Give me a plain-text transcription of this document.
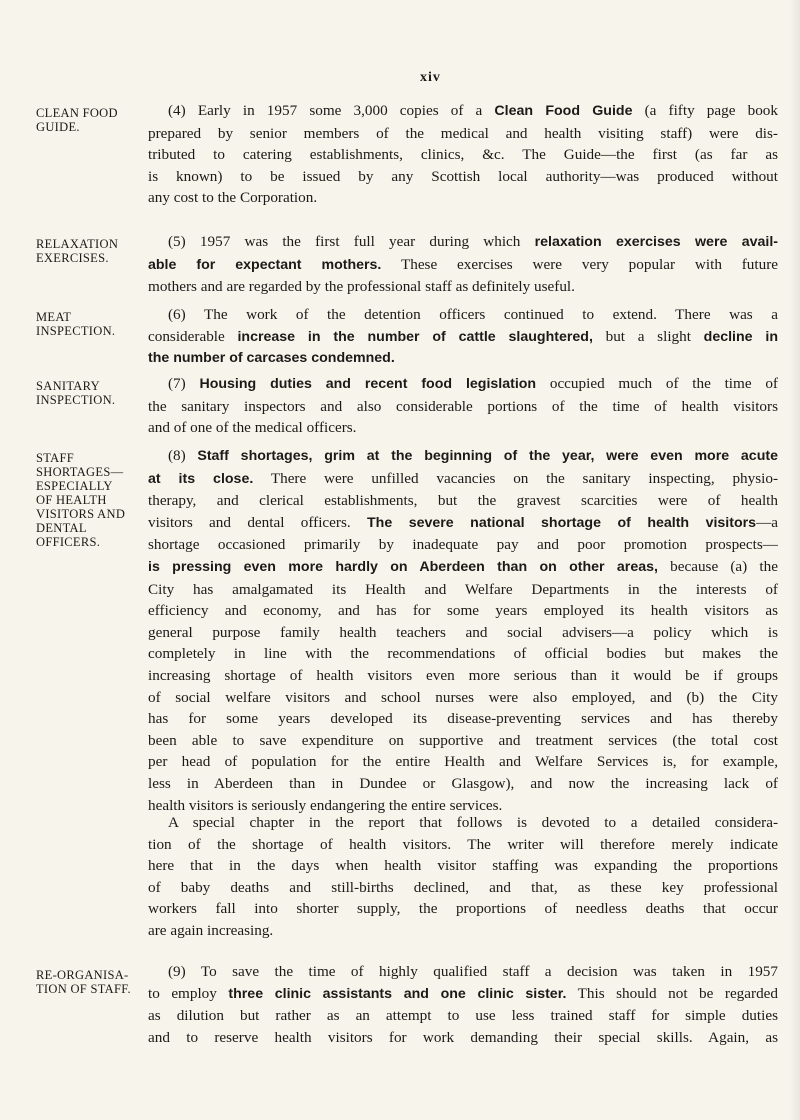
xiv
CLEAN FOOD
GUIDE.
RELAXATION
EXERCISES.
MEAT
INSPECTION.
SANITARY
INSPECTION.
STAFF
SHORTAGES—
ESPECIALLY
OF HEALTH
VISITORS AND
DENTAL
OFFICERS.
RE-ORGANISA-
TION OF STAFF.
(4) Early in 1957 some 3,000 copies of a Clean Food Guide (a fifty page book
prepared by senior members of the medical and health visiting staff) were dis-
tributed to catering establishments, clinics, &c. The Guide—the first (as far as
is known) to be issued by any Scottish local authority—was produced without
any cost to the Corporation.
(5) 1957 was the first full year during which relaxation exercises were avail-
able for expectant mothers. These exercises were very popular with future
mothers and are regarded by the professional staff as definitely useful.
(6) The work of the detention officers continued to extend. There was a
considerable increase in the number of cattle slaughtered, but a slight decline in
the number of carcases condemned.
(7) Housing duties and recent food legislation occupied much of the time of
the sanitary inspectors and also considerable portions of the time of health visitors
and of one of the medical officers.
(8) Staff shortages, grim at the beginning of the year, were even more acute
at its close. There were unfilled vacancies on the sanitary inspecting, physio-
therapy, and clerical establishments, but the gravest scarcities were of health
visitors and dental officers. The severe national shortage of health visitors—a
shortage occasioned primarily by inadequate pay and poor promotion prospects—
is pressing even more hardly on Aberdeen than on other areas, because (a) the
City has amalgamated its Health and Welfare Departments in the interests of
efficiency and economy, and has for some years employed its health visitors as
general purpose family health teachers and social advisers—a policy which is
completely in line with the recommendations of official bodies but makes the
increasing shortage of health visitors even more serious than it would be if groups
of social welfare visitors and school nurses were also employed, and (b) the City
has for some years developed its disease-preventing services and has thereby
been able to save expenditure on supportive and treatment services (the total cost
per head of population for the entire Health and Welfare Services is, for example,
less in Aberdeen than in Dundee or Glasgow), and now the increasing lack of
health visitors is seriously endangering the entire services.
A special chapter in the report that follows is devoted to a detailed considera-
tion of the shortage of health visitors. The writer will therefore merely indicate
here that in the days when health visitor staffing was expanding the proportions
of baby deaths and still-births declined, and that, as these key professional
workers fall into shorter supply, the proportions of needless deaths that occur
are again increasing.
(9) To save the time of highly qualified staff a decision was taken in 1957
to employ three clinic assistants and one clinic sister. This should not be regarded
as dilution but rather as an attempt to use less trained staff for simple duties
and to reserve health visitors for work demanding their special skills. Again, as
